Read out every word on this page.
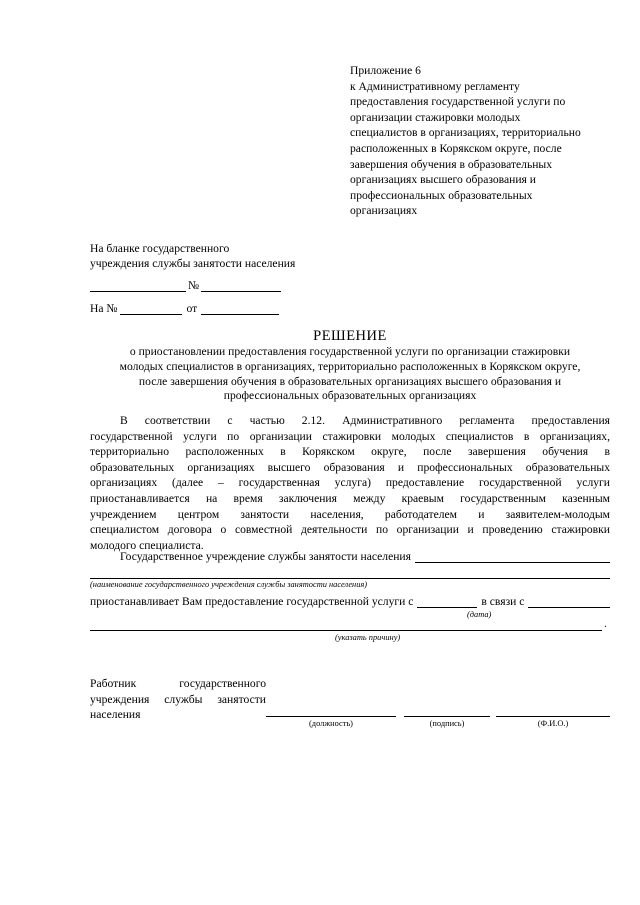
Приложение 6
к Административному регламенту
предоставления государственной услуги по
организации стажировки молодых
специалистов в организациях, территориально
расположенных в Корякском округе, после
завершения обучения в образовательных
организациях высшего образования и
профессиональных образовательных
организациях
На бланке государственного
учреждения службы занятости населения
№
На №	от
РЕШЕНИЕ
о приостановлении предоставления государственной услуги по организации стажировки
молодых специалистов в организациях, территориально расположенных в Корякском округе,
после завершения обучения в образовательных организациях высшего образования и
профессиональных образовательных организациях
В соответствии с частью 2.12. Административного регламента предоставления
государственной услуги по организации стажировки молодых специалистов в организациях,
территориально расположенных в Корякском округе, после завершения обучения в
образовательных организациях высшего образования и профессиональных образовательных
организациях (далее – государственная услуга) предоставление государственной услуги
приостанавливается на время заключения между краевым государственным казенным
учреждением центром занятости населения, работодателем и заявителем-молодым
специалистом договора о совместной деятельности по организации и проведению стажировки
молодого специалиста.
Государственное учреждение службы занятости населения
(наименование государственного учреждения службы занятости населения)
приостанавливает Вам предоставление государственной услуги с	в связи с
(дата)
.
(указать причину)
Работник государственного
учреждения службы занятости
населения
(должность)	(подпись)	(Ф.И.О.)
